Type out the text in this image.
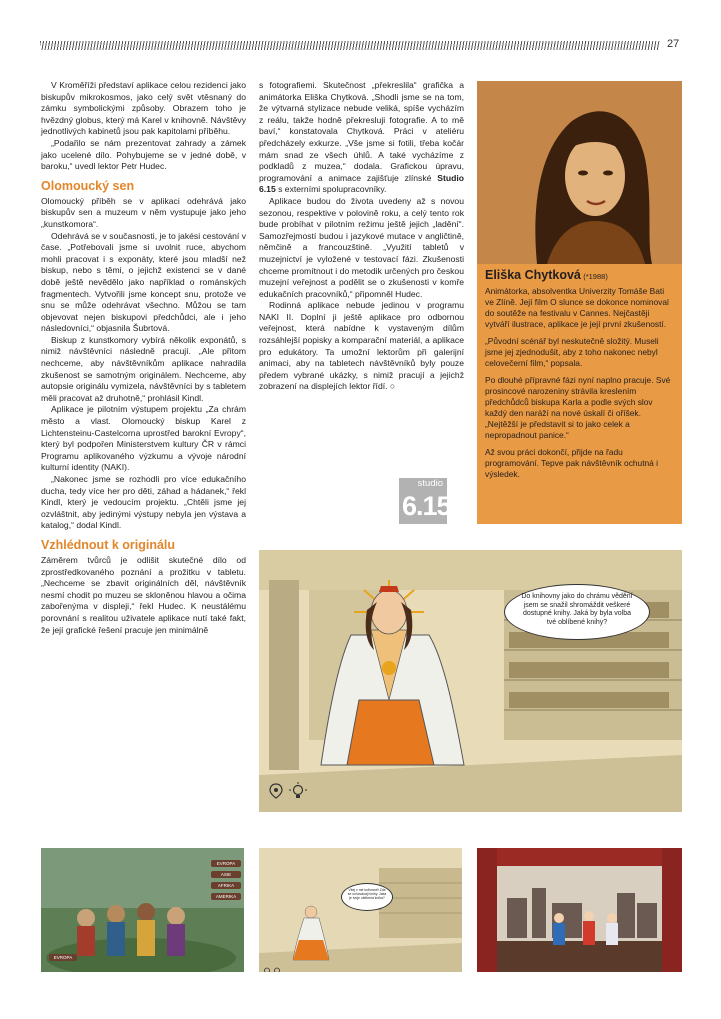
27

V Kroměříži představí aplikace celou rezidenci jako biskupův mikrokosmos, jako celý svět vtěsnaný do zámku symbolickými způsoby. Obrazem toho je hvězdný globus, který má Karel v knihovně. Návštěvy jednotlivých kabinetů jsou pak kapitolami příběhu.

„Podařilo se nám prezentovat zahrady a zámek jako ucelené dílo. Pohybujeme se v jedné době, v baroku,“ uvedl lektor Petr Hudec.

Olomoucký sen

Olomoucký příběh se v aplikaci odehrává jako biskupův sen a muzeum v něm vystupuje jako jeho „kunstkomora“.

Odehrává se v současnosti, je to jakési cestování v čase. „Potřebovali jsme si uvolnit ruce, abychom mohli pracovat i s exponáty, které jsou mladší než biskup, nebo s těmi, o jejichž existenci se v dané době ještě nevědělo jako například o románských fragmentech. Vytvořili jsme koncept snu, protože ve snu se může odehrávat všechno. Můžou se tam objevovat nejen biskupovi předchůdci, ale i jeho následovníci,“ objasnila Šubrtová.

Biskup z kunstkomory vybírá několik exponátů, s nimiž návštěvníci následně pracují. „Ale přitom nechceme, aby návštěvníkům aplikace nahradila zkušenost se samotným originálem. Nechceme, aby autopsie originálu vymizela, návštěvníci by s tabletem měli pracovat až druhotně,“ prohlásil Kindl.

Aplikace je pilotním výstupem projektu „Za chrám město a vlast. Olomoucký biskup Karel z Lichtensteinu-Castelcorna uprostřed barokní Evropy“, který byl podpořen Ministerstvem kultury ČR v rámci Programu aplikovaného výzkumu a vývoje národní kulturní identity (NAKI).

„Nakonec jsme se rozhodli pro více edukačního ducha, tedy více her pro děti, záhad a hádanek,“ řekl Kindl, který je vedoucím projektu. „Chtěli jsme jej ozvláštnit, aby jedinými výstupy nebyla jen výstava a katalog,“ dodal Kindl.

Vzhlédnout k originálu

Záměrem tvůrců je odlišit skutečné dílo od zprostředkovaného poznání a prožitku v tabletu. „Nechceme se zbavit originálních děl, návštěvník nesmí chodit po muzeu se skloněnou hlavou a očima zabořenýma v displeji,“ řekl Hudec. K neustálému porovnání s realitou uživatele aplikace nutí také fakt, že její grafické řešení pracuje jen minimálně

s fotografiemi. Skutečnost „překreslila“ grafička a animátorka Eliška Chytková. „Shodli jsme se na tom, že výtvarná stylizace nebude veliká, spíše vycházím z reálu, takže hodně překresluji fotografie. A to mě baví,“ konstatovala Chytková. Práci v ateliéru předcházely exkurze. „Vše jsme si fotili, třeba kočár mám snad ze všech úhlů. A také vycházíme z podkladů z muzea,“ dodala. Grafickou úpravu, programování a animace zajišťuje zlínské Studio 6.15 s externími spolupracovníky.

Aplikace budou do života uvedeny až s novou sezonou, respektive v polovině roku, a celý tento rok bude probíhat v pilotním režimu ještě jejich „ladění“. Samozřejmostí budou i jazykové mutace v angličtině, němčině a francouzštině. „Využití tabletů v muzejnictví je vyložené v testovací fázi. Zkušenosti chceme promítnout i do metodik určených pro českou muzejní veřejnost a podělit se o zkušenosti v komře edukačních pracovníků,“ připomněl Hudec.

Rodinná aplikace nebude jedinou v programu NAKI II. Doplní ji ještě aplikace pro odbornou veřejnost, která nabídne k vystaveným dílům rozsáhlejší popisky a komparační materiál, a aplikace pro edukátory. Ta umožní lektorům při galerijní animaci, aby na tabletech návštěvníků byly pouze předem vybrané ukázky, s nimiž pracují a jejichž zobrazení na displejích lektor řídí. ○

studio
6.15

Eliška Chytková (*1988)

Animátorka, absolventka Univerzity Tomáše Bati ve Zlíně. Její film O slunce se dokonce nominoval do soutěže na festivalu v Cannes. Nejčastěji vytváří ilustrace, aplikace je její první zkušeností.

„Původní scénář byl neskutečně složitý. Museli jsme jej zjednodušit, aby z toho nakonec nebyl celovečerní film,“ popsala.

Po dlouhé přípravné fázi nyní naplno pracuje. Své prosincové narozeniny strávila kreslením předchůdců biskupa Karla a podle svých slov každý den naráží na nové úskalí či oříšek. „Nejtěžší je představit si to jako celek a nepropadnout panice.“

Až svou práci dokončí, přijde na řadu programování. Tepve pak návštěvník ochutná i výsledek.

Do knihovny jako do chrámu vědění jsem se snažil shromáždit veškeré dostupné knihy. Jaká by byla volba tvé oblíbené knihy?
EVROPA
ASIE
AFRIKA
AMERIKA
EVROPA
Vítej v mé knihovně! Zde se uchovávají knihy. Jaká je tvoje oblíbená kniha?
